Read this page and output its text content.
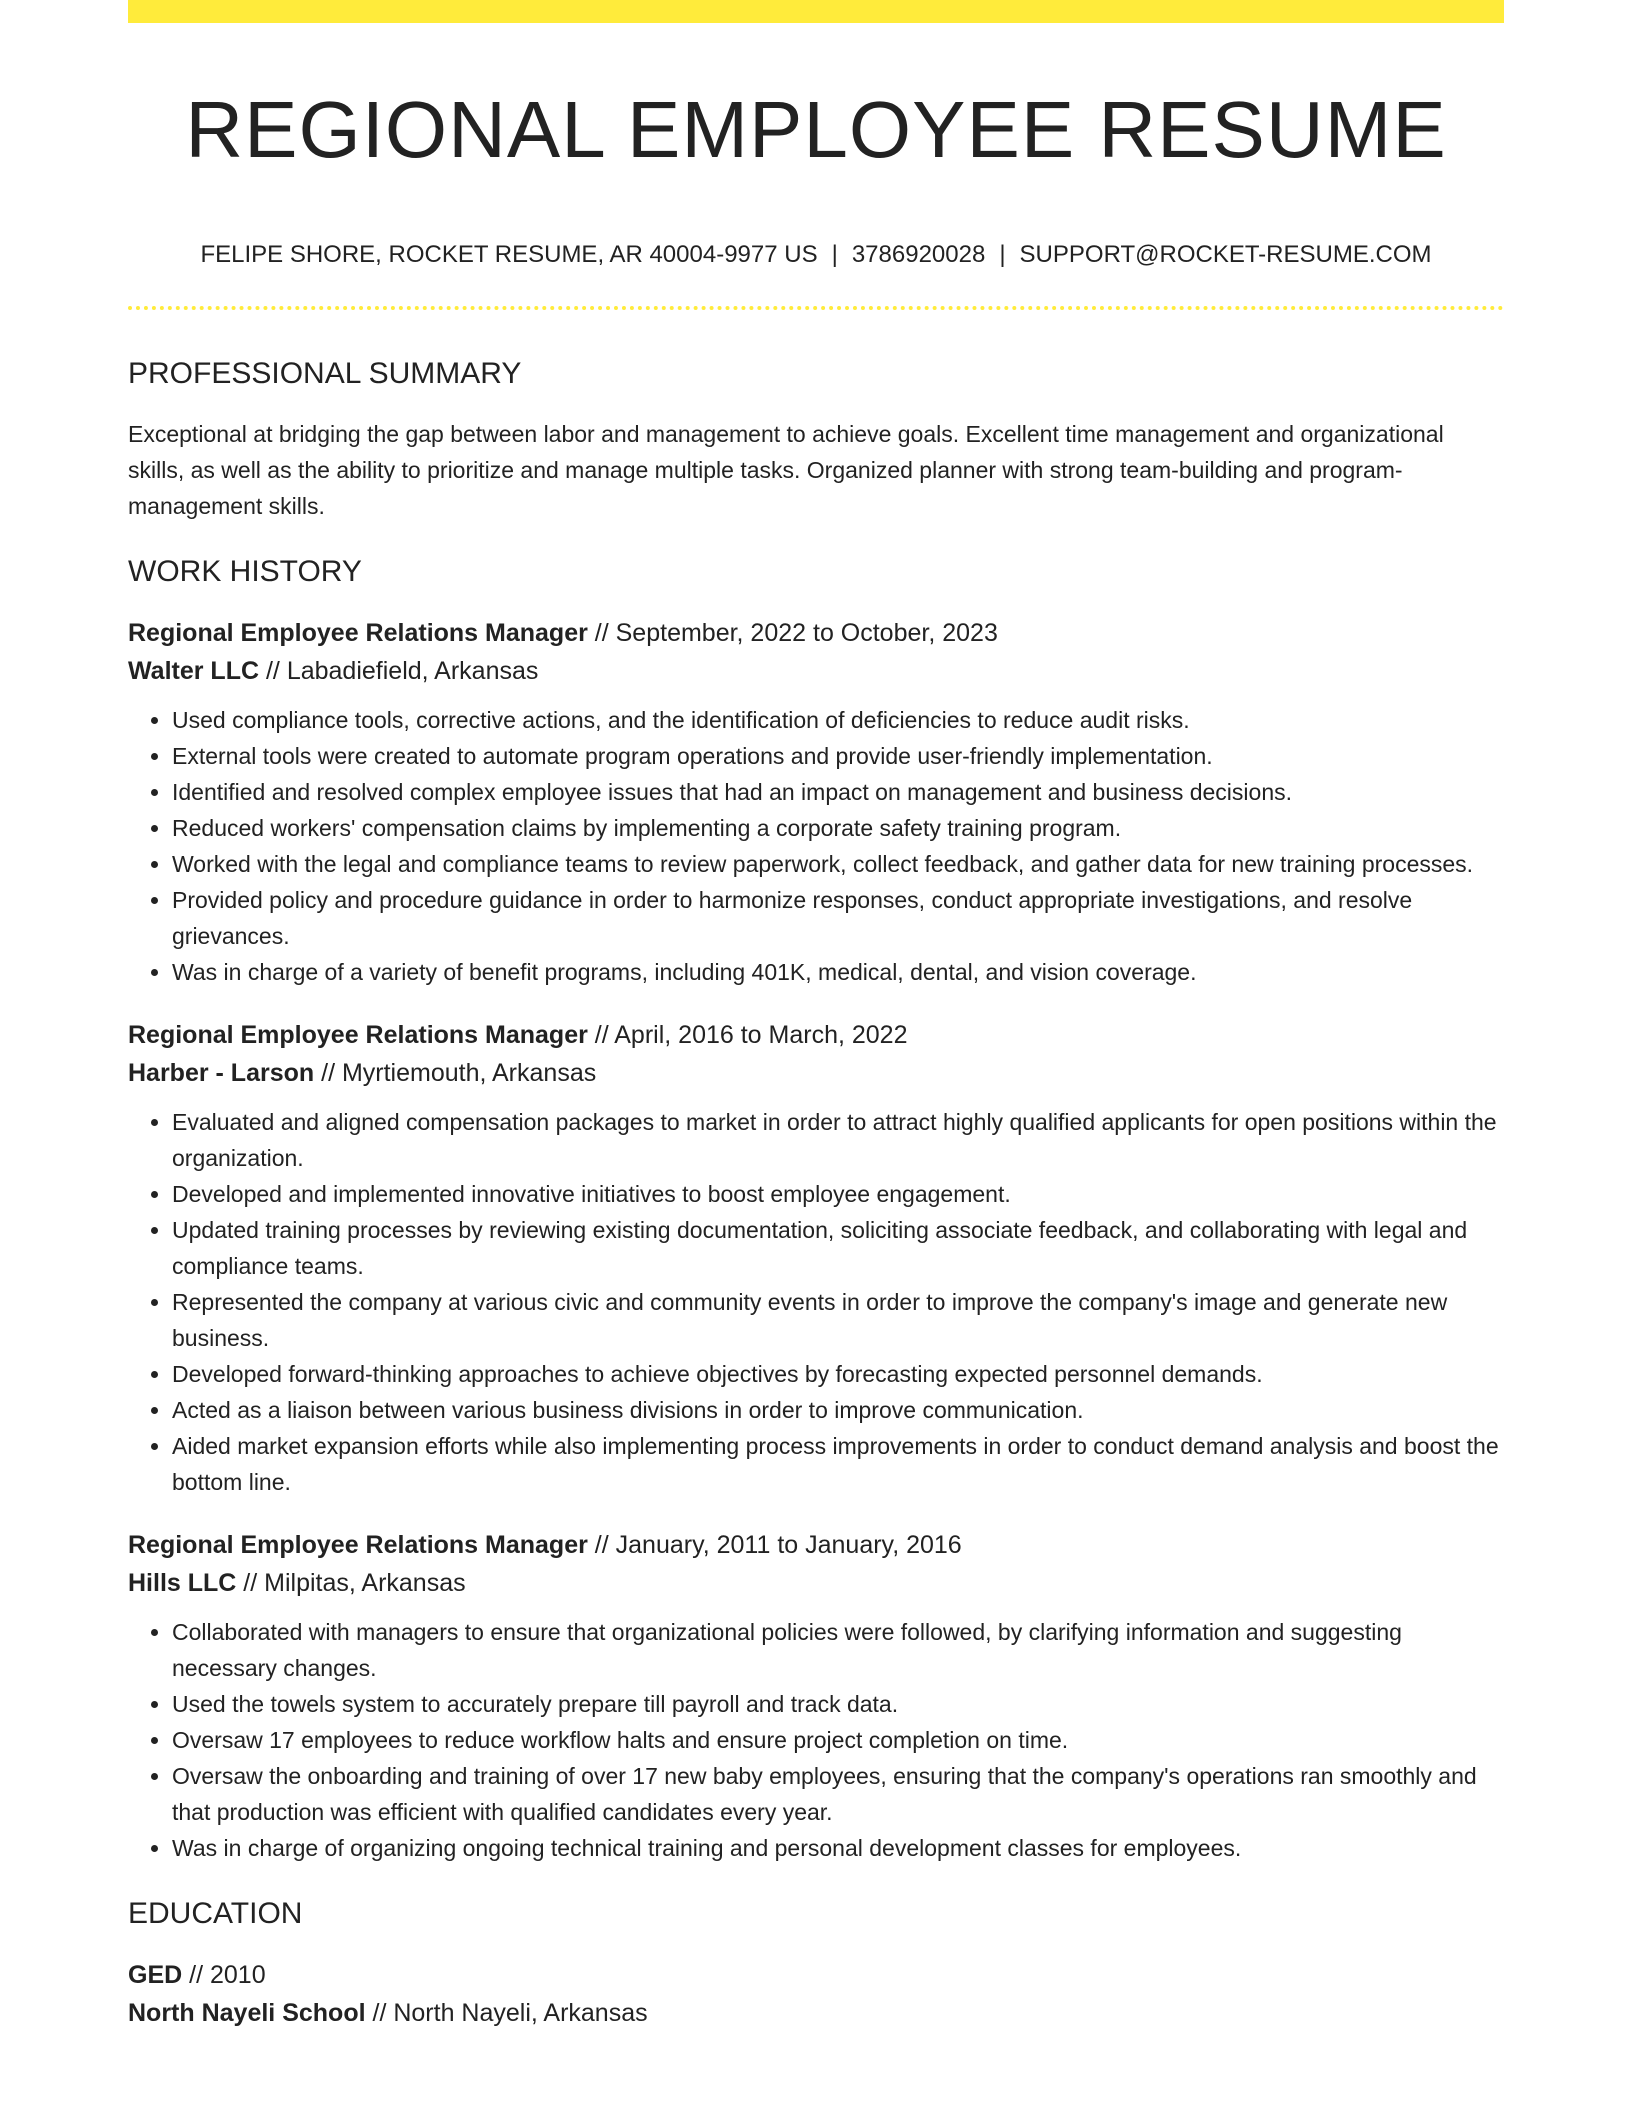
REGIONAL EMPLOYEE RESUME
FELIPE SHORE, ROCKET RESUME, AR 40004-9977 US | 3786920028 | SUPPORT@ROCKET-RESUME.COM
PROFESSIONAL SUMMARY

Exceptional at bridging the gap between labor and management to achieve goals. Excellent time management and organizational skills, as well as the ability to prioritize and manage multiple tasks. Organized planner with strong team-building and program-management skills.

WORK HISTORY
Regional Employee Relations Manager // September, 2022 to October, 2023
Walter LLC // Labadiefield, Arkansas
• Used compliance tools, corrective actions, and the identification of deficiencies to reduce audit risks.
• External tools were created to automate program operations and provide user-friendly implementation.
• Identified and resolved complex employee issues that had an impact on management and business decisions.
• Reduced workers' compensation claims by implementing a corporate safety training program.
• Worked with the legal and compliance teams to review paperwork, collect feedback, and gather data for new training processes.
• Provided policy and procedure guidance in order to harmonize responses, conduct appropriate investigations, and resolve grievances.
• Was in charge of a variety of benefit programs, including 401K, medical, dental, and vision coverage.
Regional Employee Relations Manager // April, 2016 to March, 2022
Harber - Larson // Myrtiemouth, Arkansas
• Evaluated and aligned compensation packages to market in order to attract highly qualified applicants for open positions within the organization.
• Developed and implemented innovative initiatives to boost employee engagement.
• Updated training processes by reviewing existing documentation, soliciting associate feedback, and collaborating with legal and compliance teams.
• Represented the company at various civic and community events in order to improve the company's image and generate new business.
• Developed forward-thinking approaches to achieve objectives by forecasting expected personnel demands.
• Acted as a liaison between various business divisions in order to improve communication.
• Aided market expansion efforts while also implementing process improvements in order to conduct demand analysis and boost the bottom line.
Regional Employee Relations Manager // January, 2011 to January, 2016
Hills LLC // Milpitas, Arkansas
• Collaborated with managers to ensure that organizational policies were followed, by clarifying information and suggesting necessary changes.
• Used the towels system to accurately prepare till payroll and track data.
• Oversaw 17 employees to reduce workflow halts and ensure project completion on time.
• Oversaw the onboarding and training of over 17 new baby employees, ensuring that the company's operations ran smoothly and that production was efficient with qualified candidates every year.
• Was in charge of organizing ongoing technical training and personal development classes for employees.
EDUCATION
GED // 2010
North Nayeli School // North Nayeli, Arkansas
